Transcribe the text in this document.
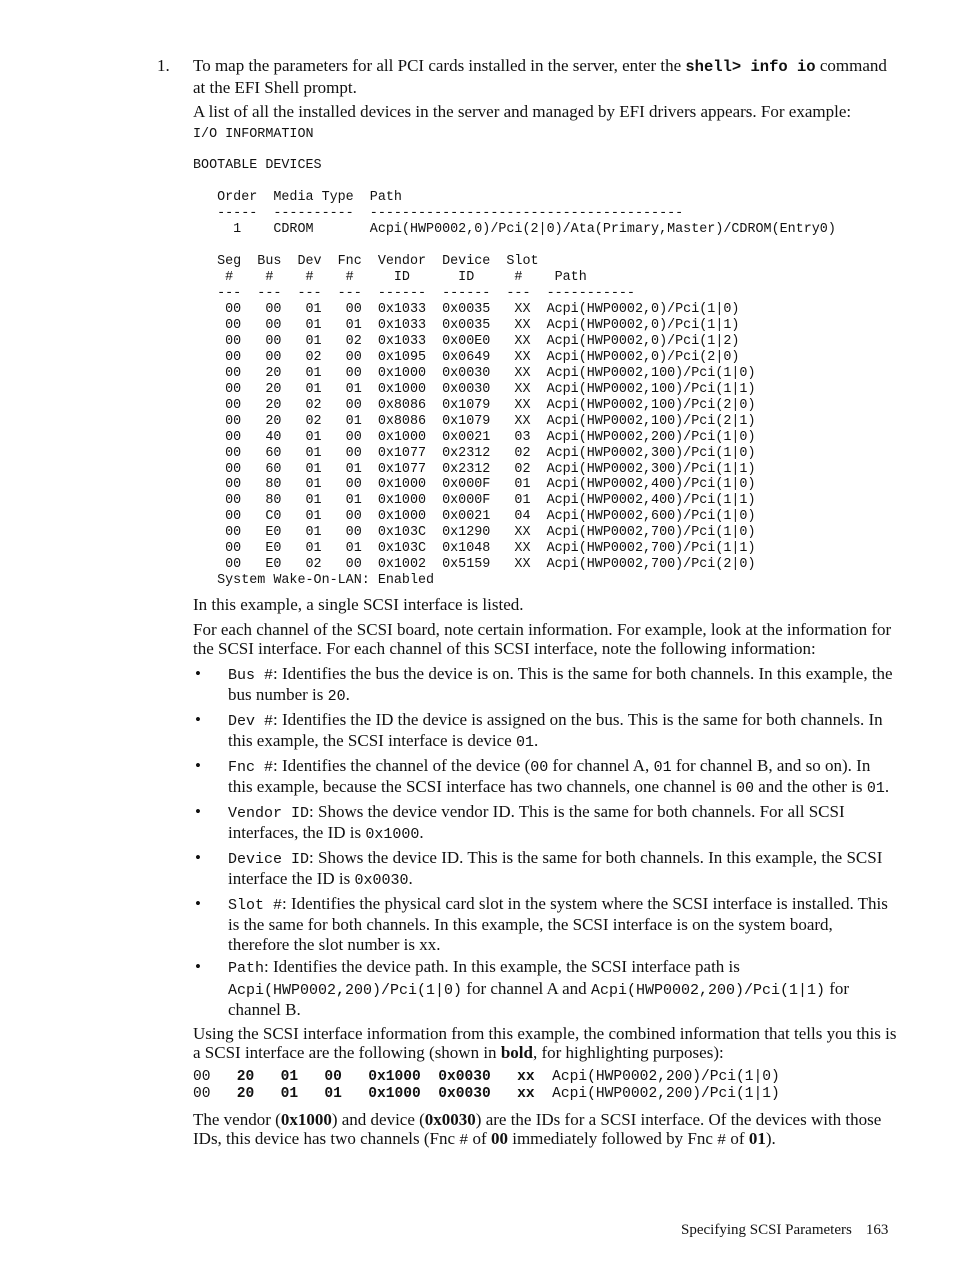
1. To map the parameters for all PCI cards installed in the server, enter the shell> info io command at the EFI Shell prompt.

A list of all the installed devices in the server and managed by EFI drivers appears. For example:

I/O INFORMATION

BOOTABLE DEVICES

Order  Media Type  Path
-----  ----------  ---------------------------------------
1    CDROM       Acpi(HWP0002,0)/Pci(2|0)/Ata(Primary,Master)/CDROM(Entry0)

Seg  Bus  Dev  Fnc  Vendor  Device  Slot
#    #    #    #     ID      ID     #    Path
---  ---  ---  ---  ------  ------  ---  -----------
00   00   01   00  0x1033  0x0035   XX  Acpi(HWP0002,0)/Pci(1|0)
00   00   01   01  0x1033  0x0035   XX  Acpi(HWP0002,0)/Pci(1|1)
00   00   01   02  0x1033  0x00E0   XX  Acpi(HWP0002,0)/Pci(1|2)
00   00   02   00  0x1095  0x0649   XX  Acpi(HWP0002,0)/Pci(2|0)
00   20   01   00  0x1000  0x0030   XX  Acpi(HWP0002,100)/Pci(1|0)
00   20   01   01  0x1000  0x0030   XX  Acpi(HWP0002,100)/Pci(1|1)
00   20   02   00  0x8086  0x1079   XX  Acpi(HWP0002,100)/Pci(2|0)
00   20   02   01  0x8086  0x1079   XX  Acpi(HWP0002,100)/Pci(2|1)
00   40   01   00  0x1000  0x0021   03  Acpi(HWP0002,200)/Pci(1|0)
00   60   01   00  0x1077  0x2312   02  Acpi(HWP0002,300)/Pci(1|0)
00   60   01   01  0x1077  0x2312   02  Acpi(HWP0002,300)/Pci(1|1)
00   80   01   00  0x1000  0x000F   01  Acpi(HWP0002,400)/Pci(1|0)
00   80   01   01  0x1000  0x000F   01  Acpi(HWP0002,400)/Pci(1|1)
00   C0   01   00  0x1000  0x0021   04  Acpi(HWP0002,600)/Pci(1|0)
00   E0   01   00  0x103C  0x1290   XX  Acpi(HWP0002,700)/Pci(1|0)
00   E0   01   01  0x103C  0x1048   XX  Acpi(HWP0002,700)/Pci(1|1)
00   E0   02   00  0x1002  0x5159   XX  Acpi(HWP0002,700)/Pci(2|0)
System Wake-On-LAN: Enabled

In this example, a single SCSI interface is listed.

For each channel of the SCSI board, note certain information. For example, look at the information for the SCSI interface. For each channel of this SCSI interface, note the following information:

• Bus #: Identifies the bus the device is on. This is the same for both channels. In this example, the bus number is 20.
• Dev #: Identifies the ID the device is assigned on the bus. This is the same for both channels. In this example, the SCSI interface is device 01.
• Fnc #: Identifies the channel of the device (00 for channel A, 01 for channel B, and so on). In this example, because the SCSI interface has two channels, one channel is 00 and the other is 01.
• Vendor ID: Shows the device vendor ID. This is the same for both channels. For all SCSI interfaces, the ID is 0x1000.
• Device ID: Shows the device ID. This is the same for both channels. In this example, the SCSI interface the ID is 0x0030.
• Slot #: Identifies the physical card slot in the system where the SCSI interface is installed. This is the same for both channels. In this example, the SCSI interface is on the system board, therefore the slot number is xx.
• Path: Identifies the device path. In this example, the SCSI interface path is Acpi(HWP0002,200)/Pci(1|0) for channel A and Acpi(HWP0002,200)/Pci(1|1) for channel B.

Using the SCSI interface information from this example, the combined information that tells you this is a SCSI interface are the following (shown in bold, for highlighting purposes):

00 20 01 00 0x1000 0x0030 xx Acpi(HWP0002,200)/Pci(1|0)
00 20 01 01 0x1000 0x0030 xx Acpi(HWP0002,200)/Pci(1|1)

The vendor (0x1000) and device (0x0030) are the IDs for a SCSI interface. Of the devices with those IDs, this device has two channels (Fnc # of 00 immediately followed by Fnc # of 01).

Specifying SCSI Parameters 163
